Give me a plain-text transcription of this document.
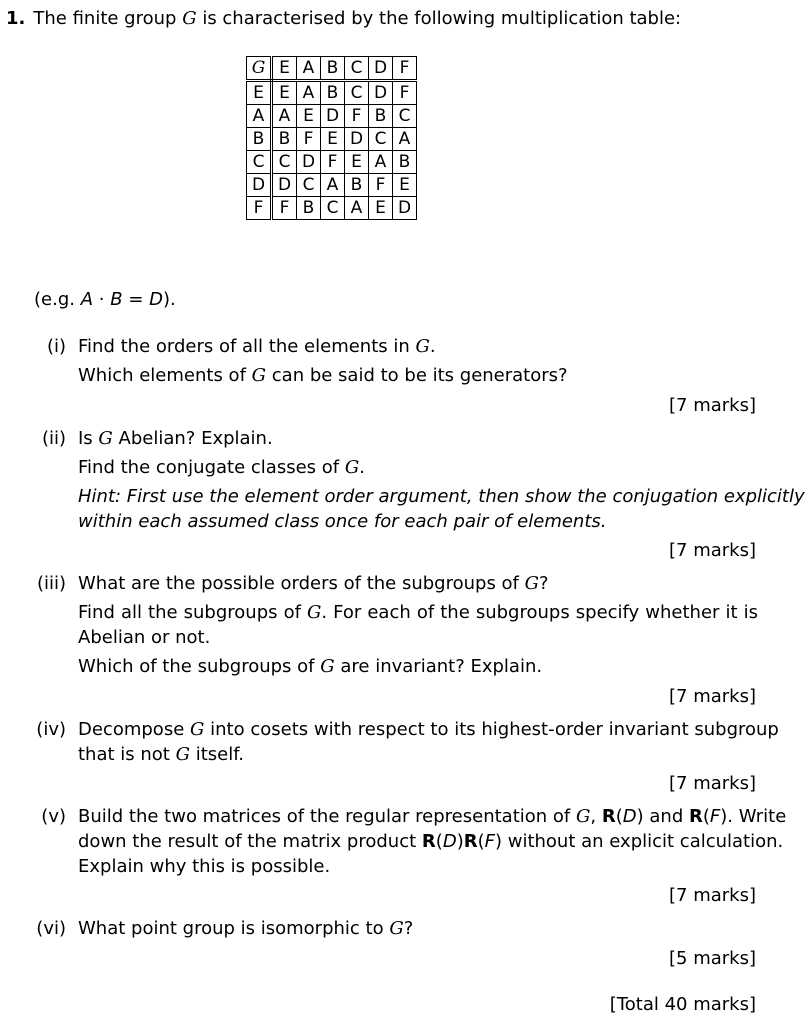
1. The finite group G is characterised by the following multiplication table:
G	E	A	B	C	D	F
E	E	A	B	C	D	F
A	A	E	D	F	B	C
B	B	F	E	D	C	A
C	C	D	F	E	A	B
D	D	C	A	B	F	E
F	F	B	C	A	E	D
(e.g. A · B = D).
(i) Find the orders of all the elements in G.
Which elements of G can be said to be its generators?
[7 marks]
(ii) Is G Abelian? Explain.
Find the conjugate classes of G.
Hint: First use the element order argument, then show the conjugation explicitly
within each assumed class once for each pair of elements.
[7 marks]
(iii) What are the possible orders of the subgroups of G?
Find all the subgroups of G. For each of the subgroups specify whether it is
Abelian or not.
Which of the subgroups of G are invariant? Explain.
[7 marks]
(iv) Decompose G into cosets with respect to its highest-order invariant subgroup
that is not G itself.
[7 marks]
(v) Build the two matrices of the regular representation of G, R(D) and R(F). Write
down the result of the matrix product R(D)R(F) without an explicit calculation.
Explain why this is possible.
[7 marks]
(vi) What point group is isomorphic to G?
[5 marks]
[Total 40 marks]
